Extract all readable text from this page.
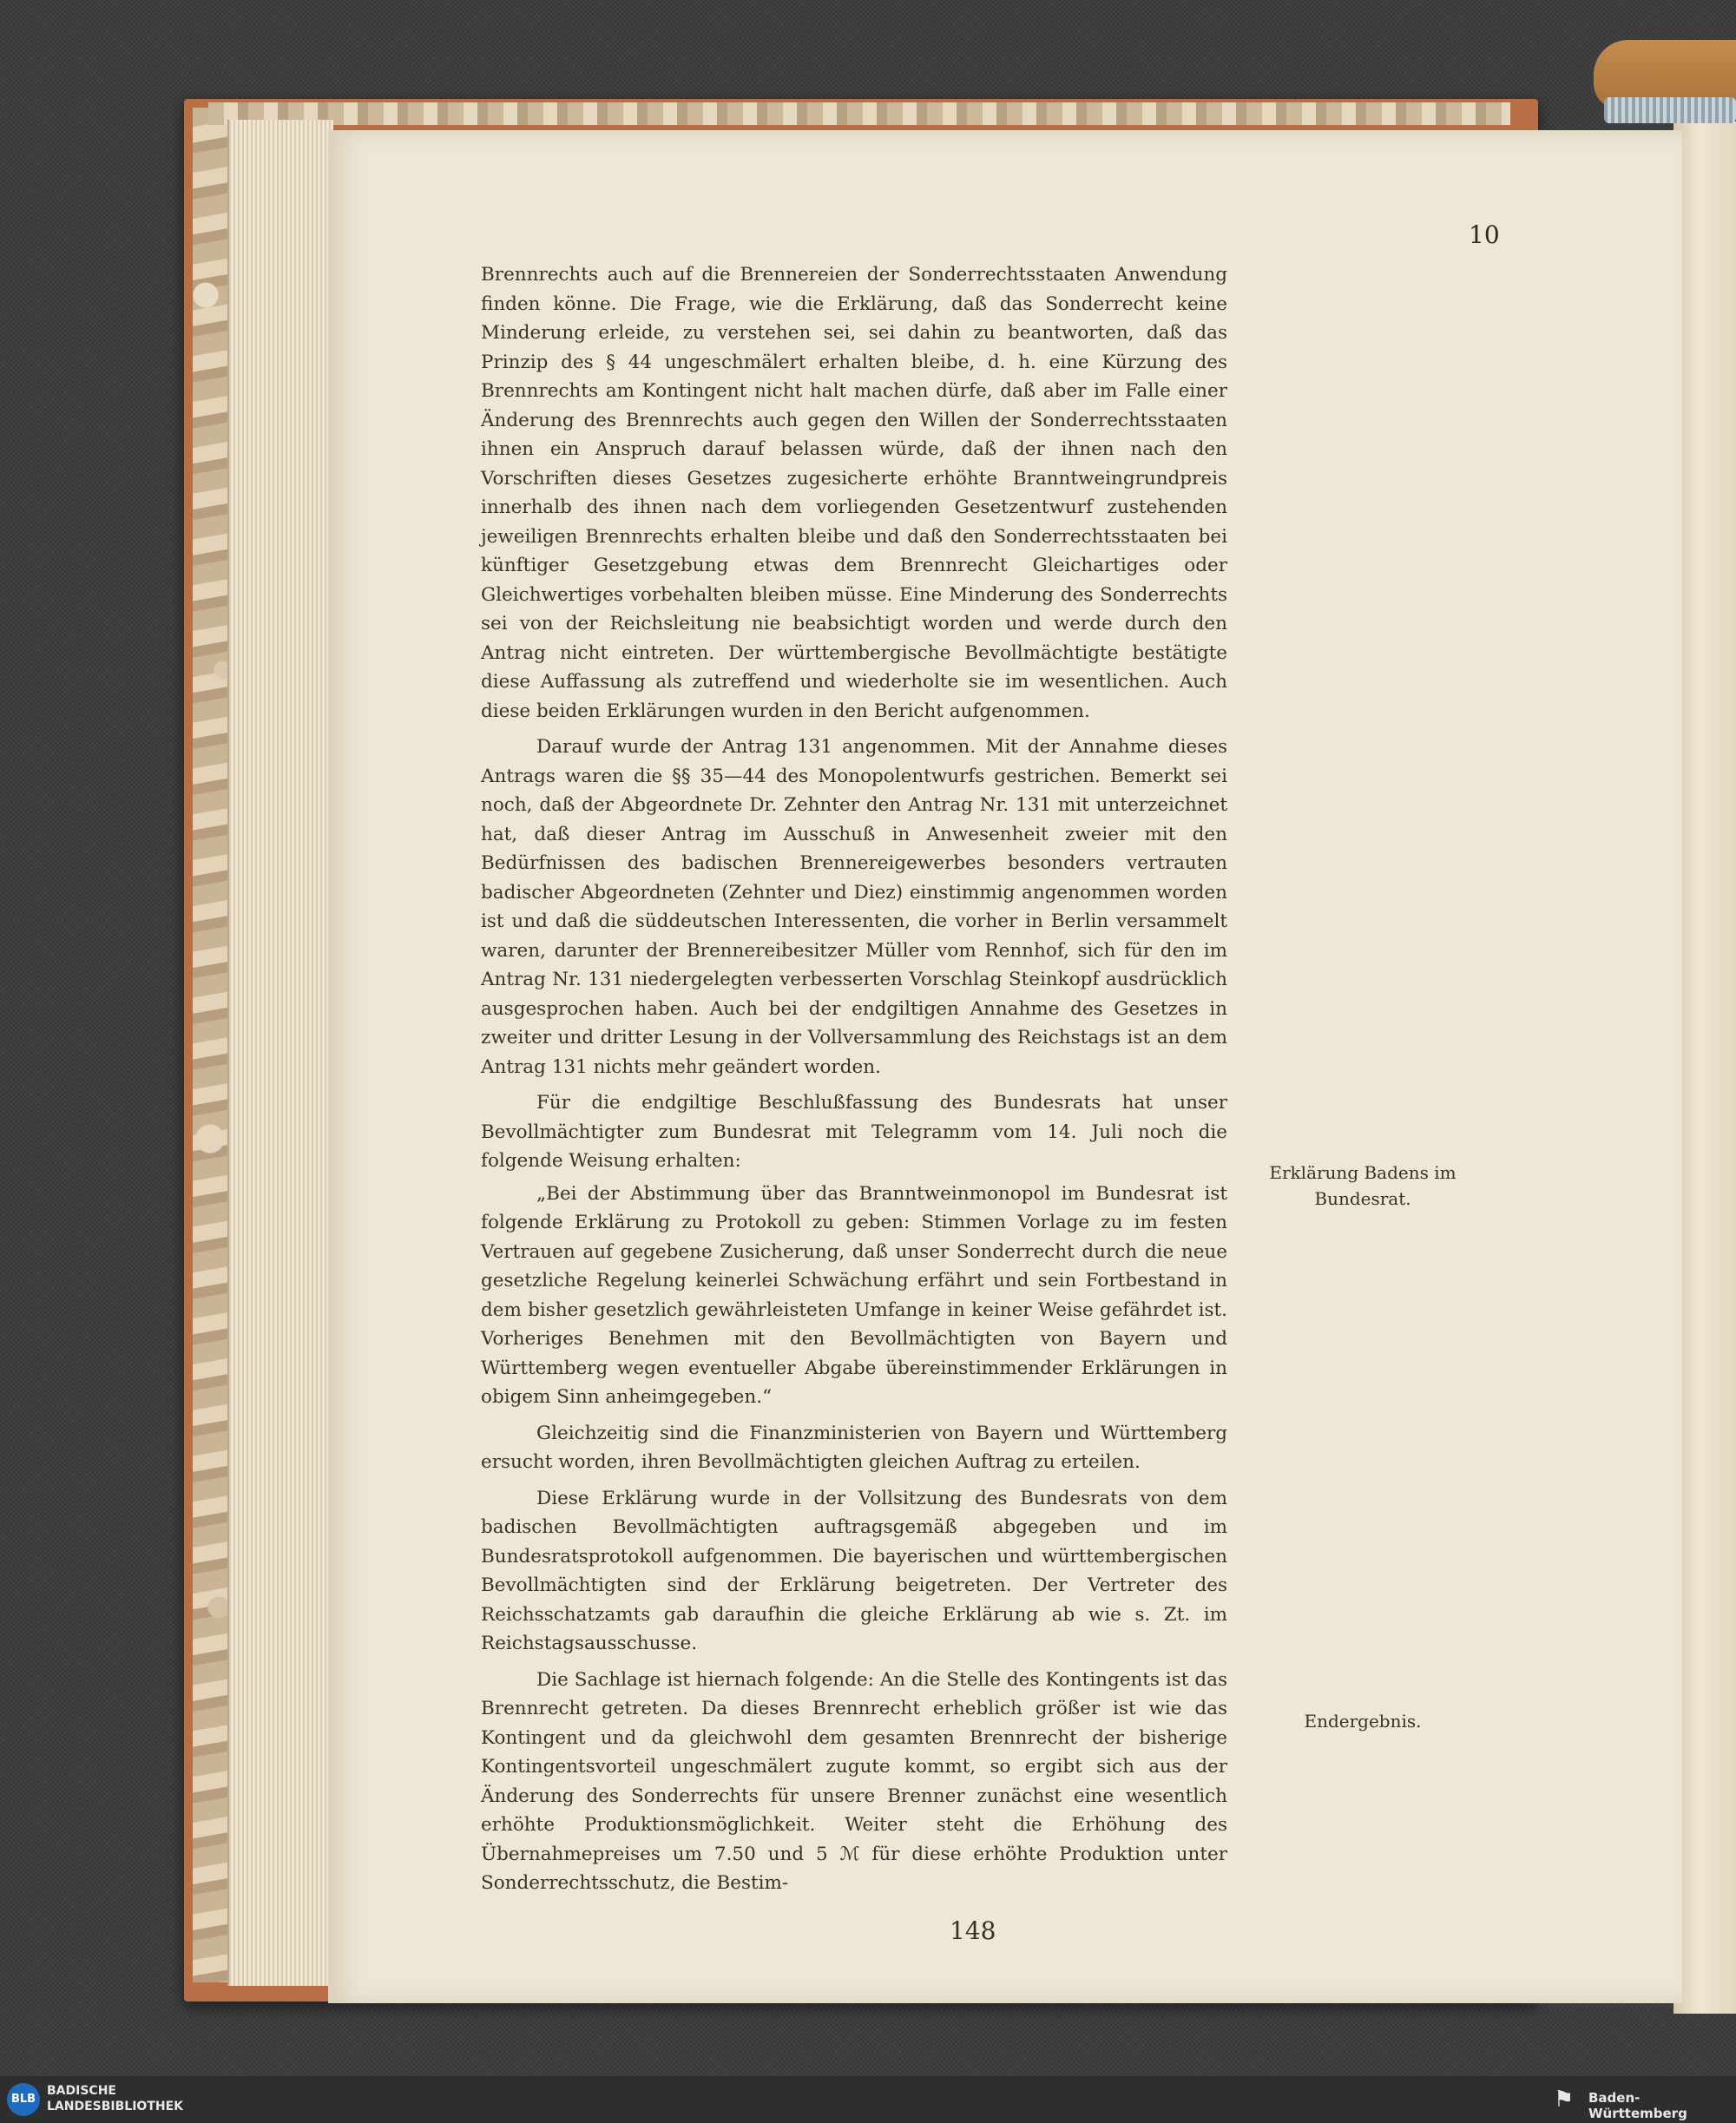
10

Brennrechts auch auf die Brennereien der Sonderrechtsstaaten Anwendung finden könne. Die Frage, wie die Erklärung, daß das Sonderrecht keine Minderung erleide, zu verstehen sei, sei dahin zu beantworten, daß das Prinzip des § 44 ungeschmälert erhalten bleibe, d. h. eine Kürzung des Brennrechts am Kontingent nicht halt machen dürfe, daß aber im Falle einer Änderung des Brennrechts auch gegen den Willen der Sonderrechtsstaaten ihnen ein Anspruch darauf belassen würde, daß der ihnen nach den Vorschriften dieses Gesetzes zugesicherte erhöhte Branntweingrundpreis innerhalb des ihnen nach dem vorliegenden Gesetzentwurf zustehenden jeweiligen Brennrechts erhalten bleibe und daß den Sonderrechtsstaaten bei künftiger Gesetzgebung etwas dem Brennrecht Gleichartiges oder Gleichwertiges vorbehalten bleiben müsse. Eine Minderung des Sonderrechts sei von der Reichsleitung nie beabsichtigt worden und werde durch den Antrag nicht eintreten. Der württembergische Bevollmächtigte bestätigte diese Auffassung als zutreffend und wiederholte sie im wesentlichen. Auch diese beiden Erklärungen wurden in den Bericht aufgenommen.

Darauf wurde der Antrag 131 angenommen. Mit der Annahme dieses Antrags waren die §§ 35—44 des Monopolentwurfs gestrichen. Bemerkt sei noch, daß der Abgeordnete Dr. Zehnter den Antrag Nr. 131 mit unterzeichnet hat, daß dieser Antrag im Ausschuß in Anwesenheit zweier mit den Bedürfnissen des badischen Brennereigewerbes besonders vertrauten badischer Abgeordneten (Zehnter und Diez) einstimmig angenommen worden ist und daß die süddeutschen Interessenten, die vorher in Berlin versammelt waren, darunter der Brennereibesitzer Müller vom Rennhof, sich für den im Antrag Nr. 131 niedergelegten verbesserten Vorschlag Steinkopf ausdrücklich ausgesprochen haben. Auch bei der endgiltigen Annahme des Gesetzes in zweiter und dritter Lesung in der Vollversammlung des Reichstags ist an dem Antrag 131 nichts mehr geändert worden.

Für die endgiltige Beschlußfassung des Bundesrats hat unser Bevollmächtigter zum Bundesrat mit Telegramm vom 14. Juli noch die folgende Weisung erhalten:

„Bei der Abstimmung über das Branntweinmonopol im Bundesrat ist folgende Erklärung zu Protokoll zu geben: Stimmen Vorlage zu im festen Vertrauen auf gegebene Zusicherung, daß unser Sonderrecht durch die neue gesetzliche Regelung keinerlei Schwächung erfährt und sein Fortbestand in dem bisher gesetzlich gewährleisteten Umfange in keiner Weise gefährdet ist. Vorheriges Benehmen mit den Bevollmächtigten von Bayern und Württemberg wegen eventueller Abgabe übereinstimmender Erklärungen in obigem Sinn anheimgegeben.“

Gleichzeitig sind die Finanzministerien von Bayern und Württemberg ersucht worden, ihren Bevollmächtigten gleichen Auftrag zu erteilen.

Diese Erklärung wurde in der Vollsitzung des Bundesrats von dem badischen Bevollmächtigten auftragsgemäß abgegeben und im Bundesratsprotokoll aufgenommen. Die bayerischen und württembergischen Bevollmächtigten sind der Erklärung beigetreten. Der Vertreter des Reichsschatzamts gab daraufhin die gleiche Erklärung ab wie s. Zt. im Reichstagsausschusse.

Die Sachlage ist hiernach folgende: An die Stelle des Kontingents ist das Brennrecht getreten. Da dieses Brennrecht erheblich größer ist wie das Kontingent und da gleichwohl dem gesamten Brennrecht der bisherige Kontingentsvorteil ungeschmälert zugute kommt, so ergibt sich aus der Änderung des Sonderrechts für unsere Brenner zunächst eine wesentlich erhöhte Produktionsmöglichkeit. Weiter steht die Erhöhung des Übernahmepreises um 7.50 und 5 ℳ für diese erhöhte Produktion unter Sonderrechtsschutz, die Bestim-

Erklärung Badens im Bundesrat.
Endergebnis.
148
BLB
BADISCHE
LANDESBIBLIOTHEK	⚑	Baden-Württemberg
